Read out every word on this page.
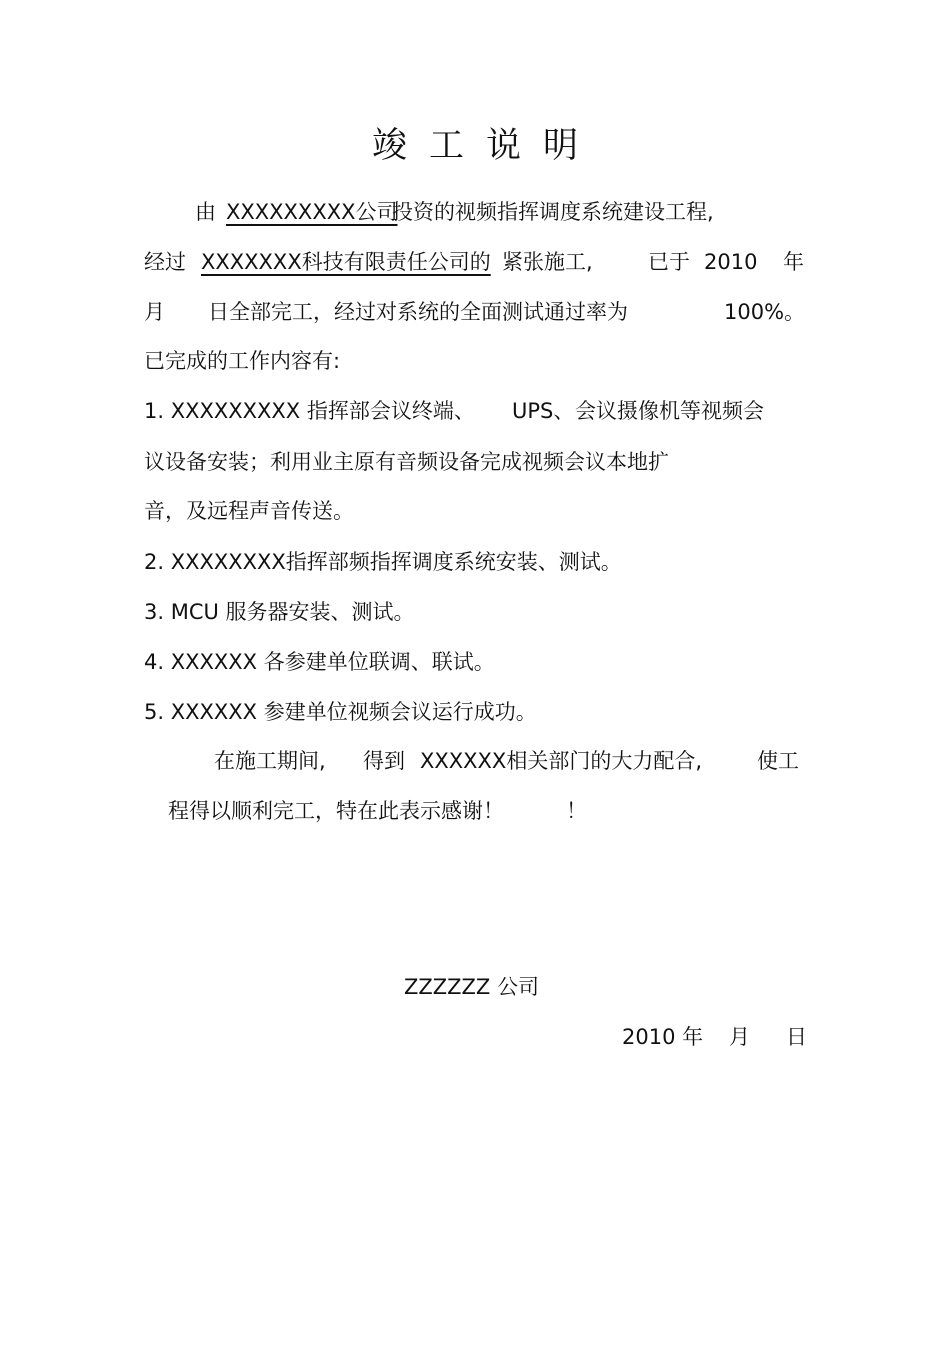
竣工说明
由 XXXXXXXXX公司
投资的视频指挥调度系统建设工程,
经过 XXXXXXX科技有限责任公司的 紧张施工,	已于 2010 年
月 日全部完工，经过对系统的全面测试通过率为	100%。
已完成的工作内容有:
1. XXXXXXXXX 指挥部会议终端、 UPS、 会议摄像机等视频会
议设备安装；利用业主原有音频设备完成视频会议本地扩
音，及远程声音传送。
2. XXXXXXXX指挥部频指挥调度系统安装、测试。
3. MCU 服务器安装、测试。
4. XXXXXX 各参建单位联调、联试。
5. XXXXXX 参建单位视频会议运行成功。
在施工期间, 得到 XXXXXX相关部门的大力配合,	使工
程得以顺利完工，特在此表示感谢！	！
ZZZZZZ 公司
2010 年 月 日
